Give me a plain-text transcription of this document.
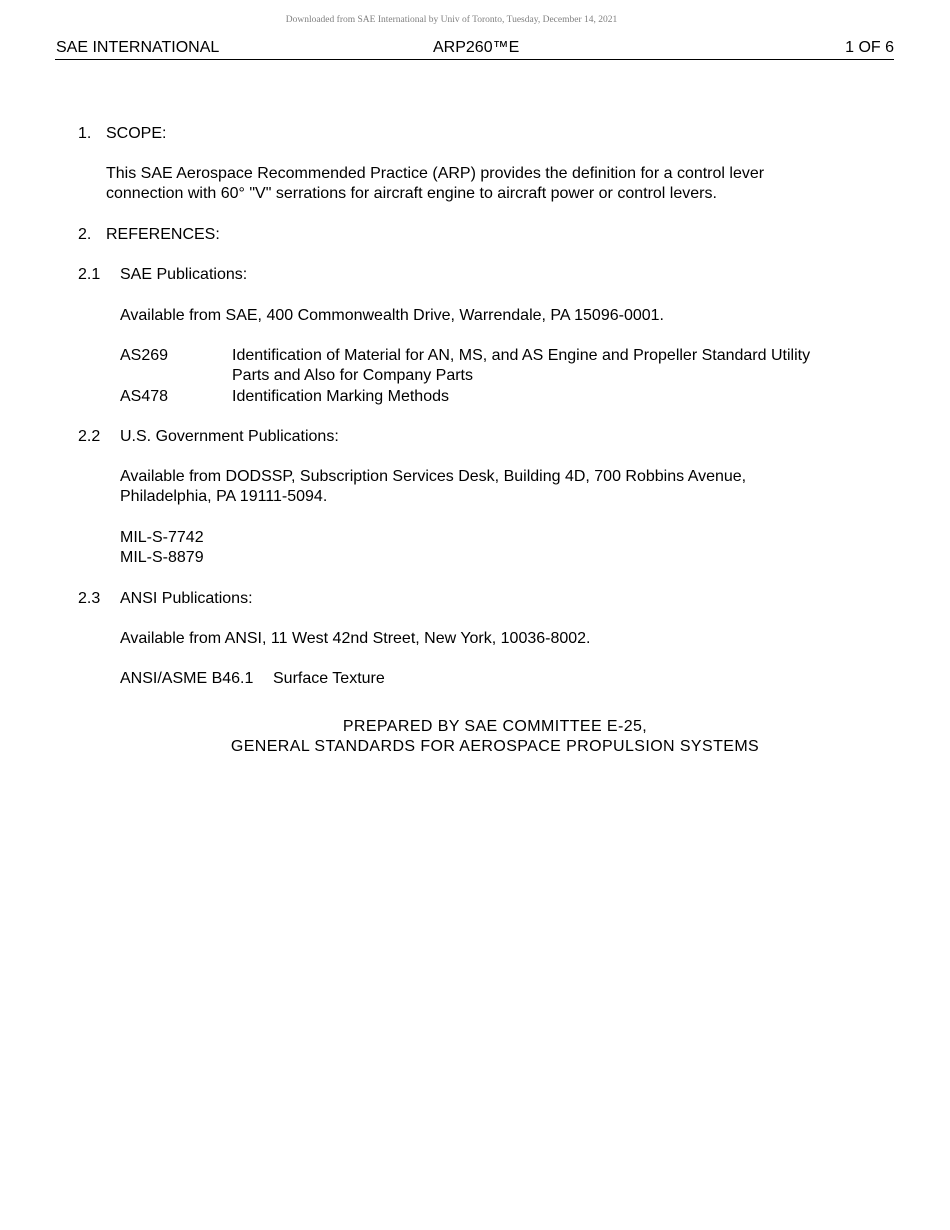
Downloaded from SAE International by Univ of Toronto, Tuesday, December 14, 2021
SAE INTERNATIONAL	ARP260™E	1 OF 6
1. SCOPE:
This SAE Aerospace Recommended Practice (ARP) provides the definition for a control lever
connection with 60° "V" serrations for aircraft engine to aircraft power or control levers.
2. REFERENCES:
2.1 SAE Publications:
Available from SAE, 400 Commonwealth Drive, Warrendale, PA 15096-0001.
AS269	Identification of Material for AN, MS, and AS Engine and Propeller Standard Utility
Parts and Also for Company Parts
AS478	Identification Marking Methods
2.2 U.S. Government Publications:
Available from DODSSP, Subscription Services Desk, Building 4D, 700 Robbins Avenue,
Philadelphia, PA 19111-5094.
MIL-S-7742
MIL-S-8879
2.3 ANSI Publications:
Available from ANSI, 11 West 42nd Street, New York, 10036-8002.
ANSI/ASME B46.1 Surface Texture
PREPARED BY SAE COMMITTEE E-25,
GENERAL STANDARDS FOR AEROSPACE PROPULSION SYSTEMS
